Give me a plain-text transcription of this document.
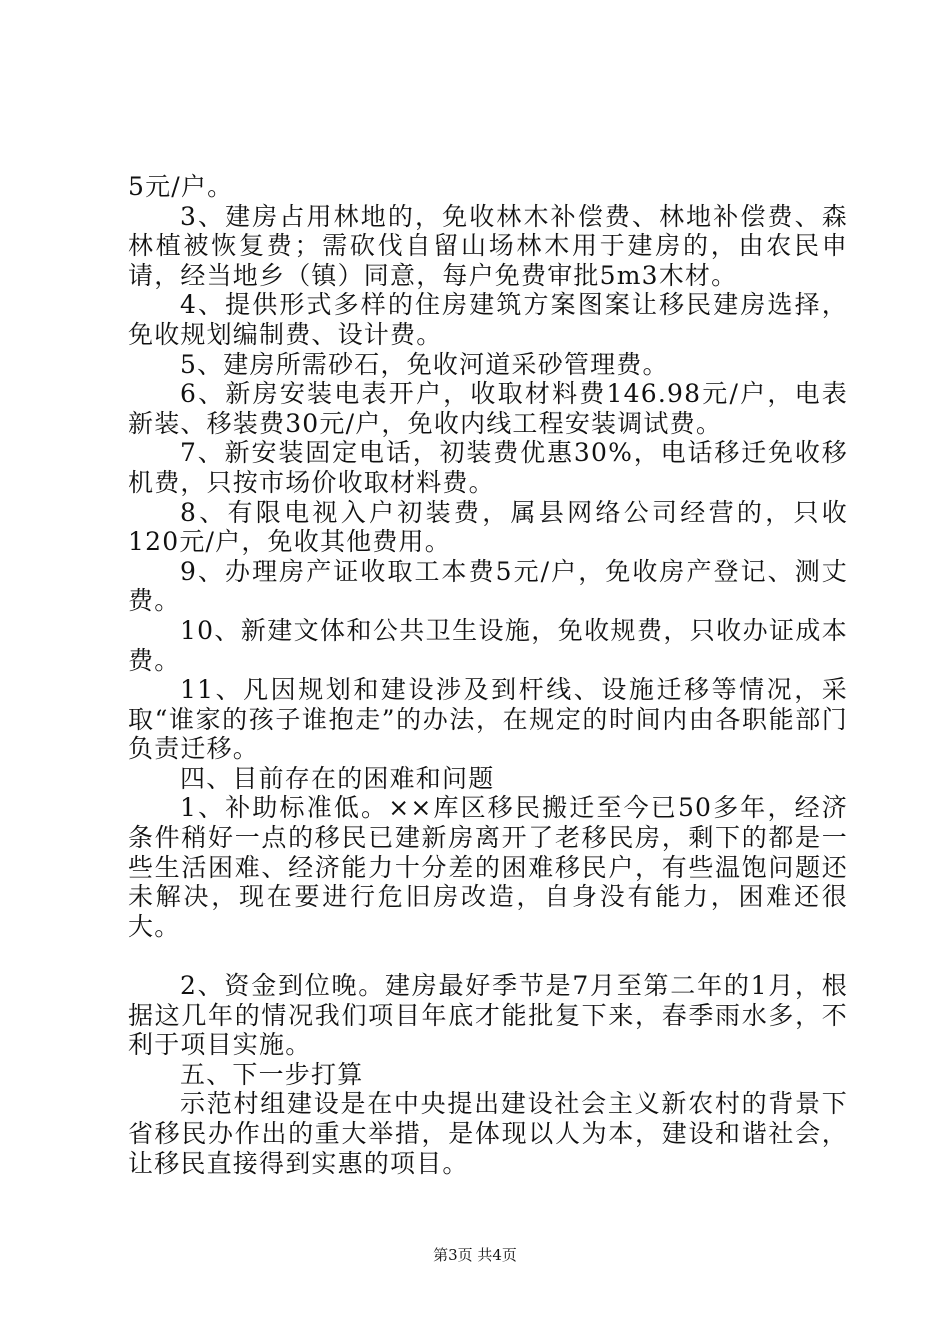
5元/户。

3、建房占用林地的，免收林木补偿费、林地补偿费、森林植被恢复费；需砍伐自留山场林木用于建房的，由农民申请，经当地乡（镇）同意，每户免费审批5m3木材。

4、提供形式多样的住房建筑方案图案让移民建房选择，免收规划编制费、设计费。

5、建房所需砂石，免收河道采砂管理费。

6、新房安装电表开户，收取材料费146.98元/户，电表新装、移装费30元/户，免收内线工程安装调试费。

7、新安装固定电话，初装费优惠30%，电话移迁免收移机费，只按市场价收取材料费。

8、有限电视入户初装费，属县网络公司经营的，只收120元/户，免收其他费用。

9、办理房产证收取工本费5元/户，免收房产登记、测丈费。

10、新建文体和公共卫生设施，免收规费，只收办证成本费。

11、凡因规划和建设涉及到杆线、设施迁移等情况，采取“谁家的孩子谁抱走”的办法，在规定的时间内由各职能部门负责迁移。

四、目前存在的困难和问题

1、补助标准低。××库区移民搬迁至今已50多年，经济条件稍好一点的移民已建新房离开了老移民房，剩下的都是一些生活困难、经济能力十分差的困难移民户，有些温饱问题还未解决，现在要进行危旧房改造，自身没有能力，困难还很大。

2、资金到位晚。建房最好季节是7月至第二年的1月，根据这几年的情况我们项目年底才能批复下来，春季雨水多，不利于项目实施。

五、下一步打算

示范村组建设是在中央提出建设社会主义新农村的背景下省移民办作出的重大举措，是体现以人为本，建设和谐社会，让移民直接得到实惠的项目。

第3页 共4页
